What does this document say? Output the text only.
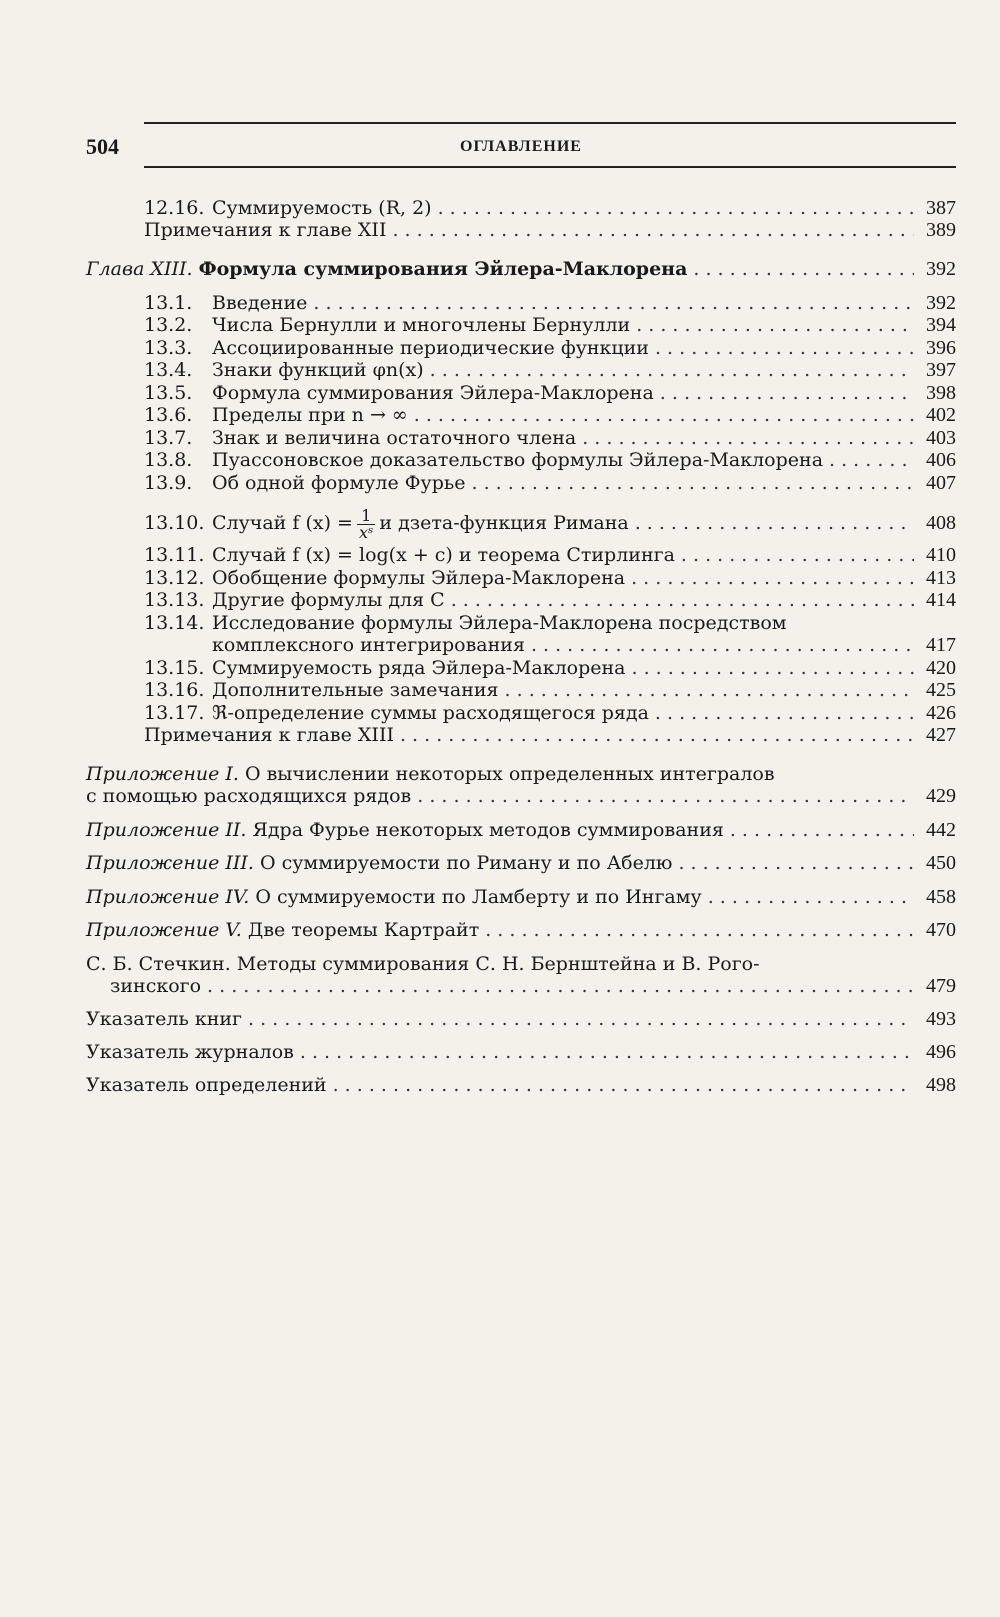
504	ОГЛАВЛЕНИЕ
12.16. Суммируемость (R, 2) . . .	387
Примечания к главе XII . . .	389
Глава XIII. Формула суммирования Эйлера-Маклорена . . .	392
13.1. Введение . . .	392
13.2. Числа Бернулли и многочлены Бернулли . . .	394
13.3. Ассоциированные периодические функции . . .	396
13.4. Знаки функций φn(x) . . .	397
13.5. Формула суммирования Эйлера-Маклорена . . .	398
13.6. Пределы при n → ∞ . . .	402
13.7. Знак и величина остаточного члена . . .	403
13.8. Пуассоновское доказательство формулы Эйлера-Маклорена . . .	406
13.9. Об одной формуле Фурье . . .	407
13.10. Случай f $(x) = \frac{1}{\text{xˢ}}$ и дзета-функция Римана . . .	408
13.11. Случай f (x) = log(x + c) и теорема Стирлинга . . .	410
13.12. Обобщение формулы Эйлера-Маклорена . . .	413
13.13. Другие формулы для C . . .	414
13.14. Исследование формулы Эйлера-Маклорена посредством
комплексного интегрирования . . .	417
13.15. Суммируемость ряда Эйлера-Маклорена . . .	420
13.16. Дополнительные замечания . . .	425
13.17. ℜ-определение суммы расходящегося ряда . . .	426
Примечания к главе XIII . . .	427
Приложение I. О вычислении некоторых определенных интегралов
с помощью расходящихся рядов . . .	429
Приложение II. Ядра Фурье некоторых методов суммирования . . .	442
Приложение III. О суммируемости по Риману и по Абелю . . .	450
Приложение IV. О суммируемости по Ламберту и по Ингаму . . .	458
Приложение V. Две теоремы Картрайт . . .	470
С. Б. Стечкин. Методы суммирования С. Н. Бернштейна и В. Рого-
зинского . . .	479
Указатель книг . . .	493
Указатель журналов . . .	496
Указатель определений . . .	498
